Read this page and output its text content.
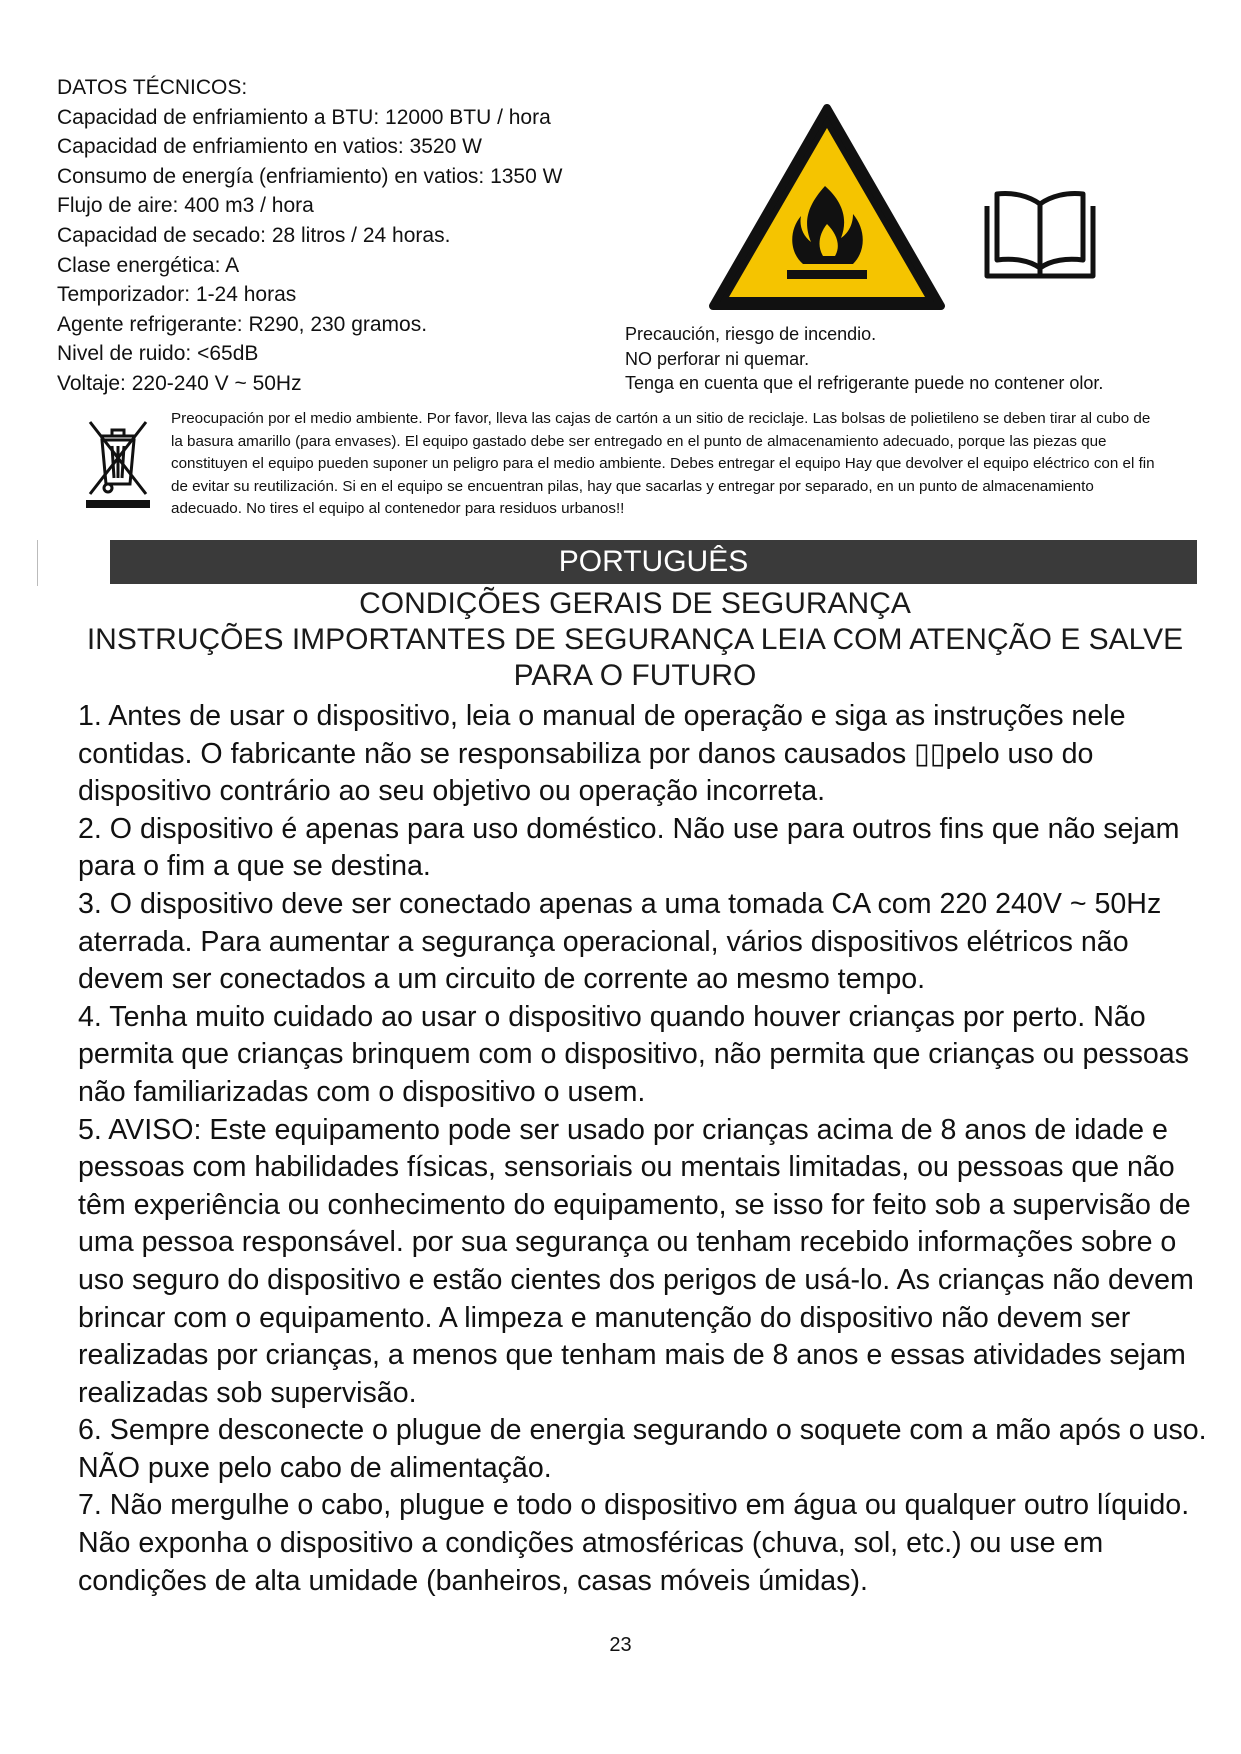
DATOS TÉCNICOS:
Capacidad de enfriamiento a BTU: 12000 BTU / hora
Capacidad de enfriamiento en vatios: 3520 W
Consumo de energía (enfriamiento) en vatios: 1350 W
Flujo de aire: 400 m3 / hora
Capacidad de secado: 28 litros / 24 horas.
Clase energética: A
Temporizador: 1-24 horas
Agente refrigerante: R290, 230 gramos.
Nivel de ruido: <65dB
Voltaje: 220-240 V ~ 50Hz
Precaución, riesgo de incendio.
NO perforar ni quemar.
Tenga en cuenta que el refrigerante puede no contener olor.
Preocupación por el medio ambiente. Por favor, lleva las cajas de cartón a un sitio de reciclaje. Las bolsas de polietileno se deben tirar al cubo de la basura amarillo (para envases). El equipo gastado debe ser entregado en el punto de almacenamiento adecuado, porque las piezas que constituyen el equipo pueden suponer un peligro para el medio ambiente. Debes entregar el equipo Hay que devolver el equipo eléctrico con el fin de evitar su reutilización. Si en el equipo se encuentran pilas, hay que sacarlas y entregar por separado, en un punto de almacenamiento adecuado. No tires el equipo al contenedor para residuos urbanos!!
PORTUGUÊS
CONDIÇÕES GERAIS DE SEGURANÇA
INSTRUÇÕES IMPORTANTES DE SEGURANÇA LEIA COM ATENÇÃO E SALVE PARA O FUTURO

1. Antes de usar o dispositivo, leia o manual de operação e siga as instruções nele contidas. O fabricante não se responsabiliza por danos causados ▯▯pelo uso do dispositivo contrário ao seu objetivo ou operação incorreta.

2. O dispositivo é apenas para uso doméstico. Não use para outros fins que não sejam para o fim a que se destina.

3. O dispositivo deve ser conectado apenas a uma tomada CA com 220 240V ~ 50Hz aterrada. Para aumentar a segurança operacional, vários dispositivos elétricos não devem ser conectados a um circuito de corrente ao mesmo tempo.

4. Tenha muito cuidado ao usar o dispositivo quando houver crianças por perto. Não permita que crianças brinquem com o dispositivo, não permita que crianças ou pessoas não familiarizadas com o dispositivo o usem.

5. AVISO: Este equipamento pode ser usado por crianças acima de 8 anos de idade e pessoas com habilidades físicas, sensoriais ou mentais limitadas, ou pessoas que não têm experiência ou conhecimento do equipamento, se isso for feito sob a supervisão de uma pessoa responsável. por sua segurança ou tenham recebido informações sobre o uso seguro do dispositivo e estão cientes dos perigos de usá-lo. As crianças não devem brincar com o equipamento. A limpeza e manutenção do dispositivo não devem ser realizadas por crianças, a menos que tenham mais de 8 anos e essas atividades sejam realizadas sob supervisão.

6. Sempre desconecte o plugue de energia segurando o soquete com a mão após o uso. NÃO puxe pelo cabo de alimentação.

7. Não mergulhe o cabo, plugue e todo o dispositivo em água ou qualquer outro líquido. Não exponha o dispositivo a condições atmosféricas (chuva, sol, etc.) ou use em condições de alta umidade (banheiros, casas móveis úmidas).

23
